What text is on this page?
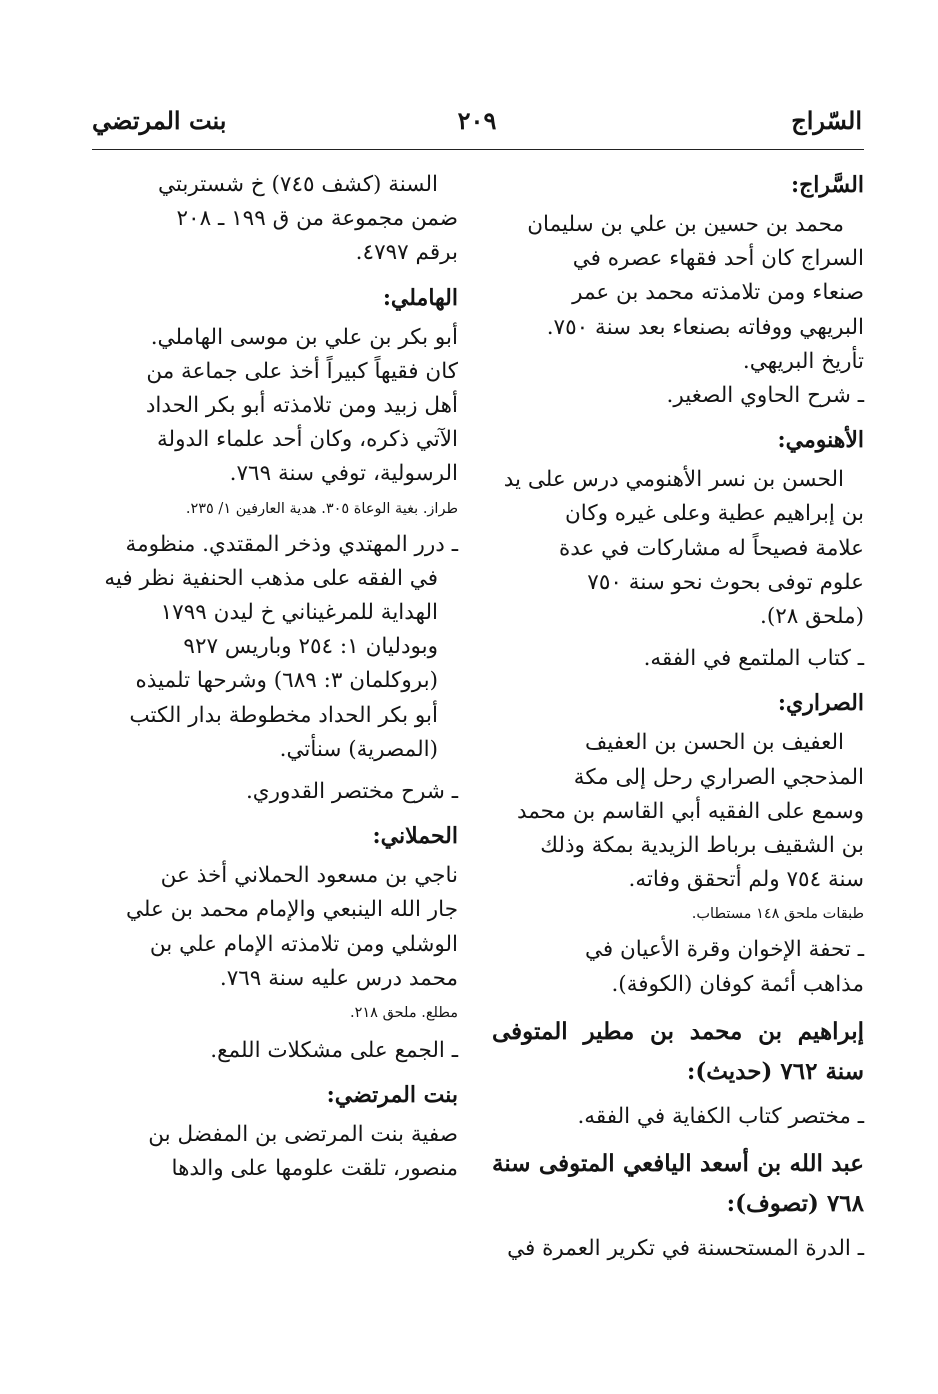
السّراج
٢٠٩
بنت المرتضي
السَّراج:

محمد بن حسين بن علي بن سليمان

السراج كان أحد فقهاء عصره في

صنعاء ومن تلامذته محمد بن عمر

البريهي ووفاته بصنعاء بعد سنة ٧٥٠.

تأريخ البريهي.

ـ شرح الحاوي الصغير.

الأهنومي:

الحسن بن نسر الأهنومي درس على يد

بن إبراهيم عطية وعلى غيره وكان

علامة فصيحاً له مشاركات في عدة

علوم توفى بحوث نحو سنة ٧٥٠

(ملحق ٢٨).

ـ كتاب الملتمع في الفقه.

الصراري:

العفيف بن الحسن بن العفيف

المذحجي الصراري رحل إلى مكة

وسمع على الفقيه أبي القاسم بن محمد

بن الشقيف برباط الزيدية بمكة وذلك

سنة ٧٥٤ ولم أتحقق وفاته.

طبقات ملحق ١٤٨ مستطاب.

ـ تحفة الإخوان وقرة الأعيان في

مذاهب أئمة كوفان (الكوفة).

إبراهيم بن محمد بن مطير المتوفى سنة ٧٦٢ (حديث):

ـ مختصر كتاب الكفاية في الفقه.

عبد الله بن أسعد اليافعي المتوفى سنة ٧٦٨ (تصوف):

ـ الدرة المستحسنة في تكرير العمرة في

السنة (كشف ٧٤٥) خ شستربتي

ضمن مجموعة من ق ١٩٩ ـ ٢٠٨

برقم ٤٧٩٧.

الهاملي:

أبو بكر بن علي بن موسى الهاملي.

كان فقيهاً كبيراً أخذ على جماعة من

أهل زبيد ومن تلامذته أبو بكر الحداد

الآتي ذكره، وكان أحد علماء الدولة

الرسولية، توفي سنة ٧٦٩.

طراز. بغية الوعاة ٣٠٥. هدية العارفين ١/ ٢٣٥.

ـ درر المهتدي وذخر المقتدي. منظومة

في الفقه على مذهب الحنفية نظر فيه

الهداية للمرغيناني خ ليدن ١٧٩٩

وبودليان ١: ٢٥٤ وباريس ٩٢٧

(بروكلمان ٣: ٦٨٩) وشرحها تلميذه

أبو بكر الحداد مخطوطة بدار الكتب

(المصرية) سنأتي.

ـ شرح مختصر القدوري.

الحملاني:

ناجي بن مسعود الحملاني أخذ عن

جار الله الينبعي والإمام محمد بن علي

الوشلي ومن تلامذته الإمام علي بن

محمد درس عليه سنة ٧٦٩.

مطلع. ملحق ٢١٨.

ـ الجمع على مشكلات اللمع.

بنت المرتضي:

صفية بنت المرتضى بن المفضل بن

منصور، تلقت علومها على والدها
